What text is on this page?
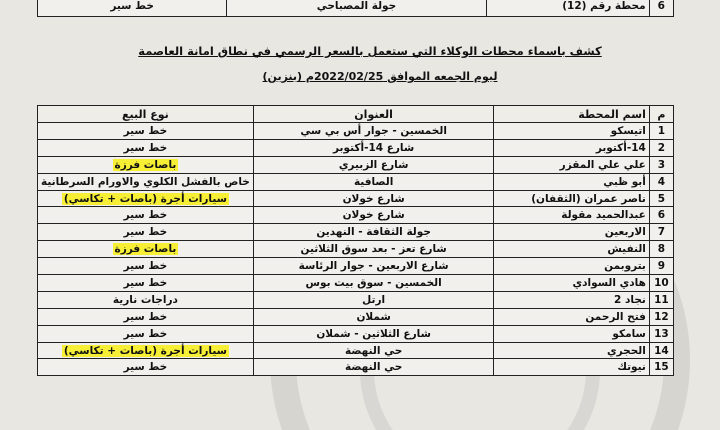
6	محطة رقم (12)	جولة المصباحي	خط سير
كشف باسماء محطات الوكلاء التي ستعمل بالسعر الرسمي في نطاق امانة العاصمة
ليوم الجمعه الموافق 2022/02/25م (بنزين)
م	اسم المحطة	العنوان	نوع البيع
1	اتيسكو	الخمسين - جوار أس بي سي	خط سير
2	14-أكتوبر	شارع 14-أكتوبر	خط سير
3	علي علي المقزر	شارع الزبيري	باصات فرزة
4	أبو ظبي	الصافية	خاص بالفشل الكلوي والاورام السرطانية
5	ناصر عمران (الثقفان)	شارع خولان	سيارات أجرة (باصات + تكاسي)
6	عبدالحميد مقولة	شارع خولان	خط سير
7	الاربعين	جولة الثقافة - النهدين	خط سير
8	النفيش	شارع تعز - بعد سوق الثلاثين	باصات فرزة
9	بتروبمن	شارع الاربعين - جوار الرئاسة	خط سير
10	هادي السوادي	الخمسين - سوق بيت بوس	خط سير
11	نجاد 2	ارتل	دراجات نارية
12	فتح الرحمن	شملان	خط سير
13	سامكو	شارع الثلاثين - شملان	خط سير
14	الحجري	حي النهضة	سيارات أجرة (باصات + تكاسي)
15	نيوتك	حي النهضة	خط سير
